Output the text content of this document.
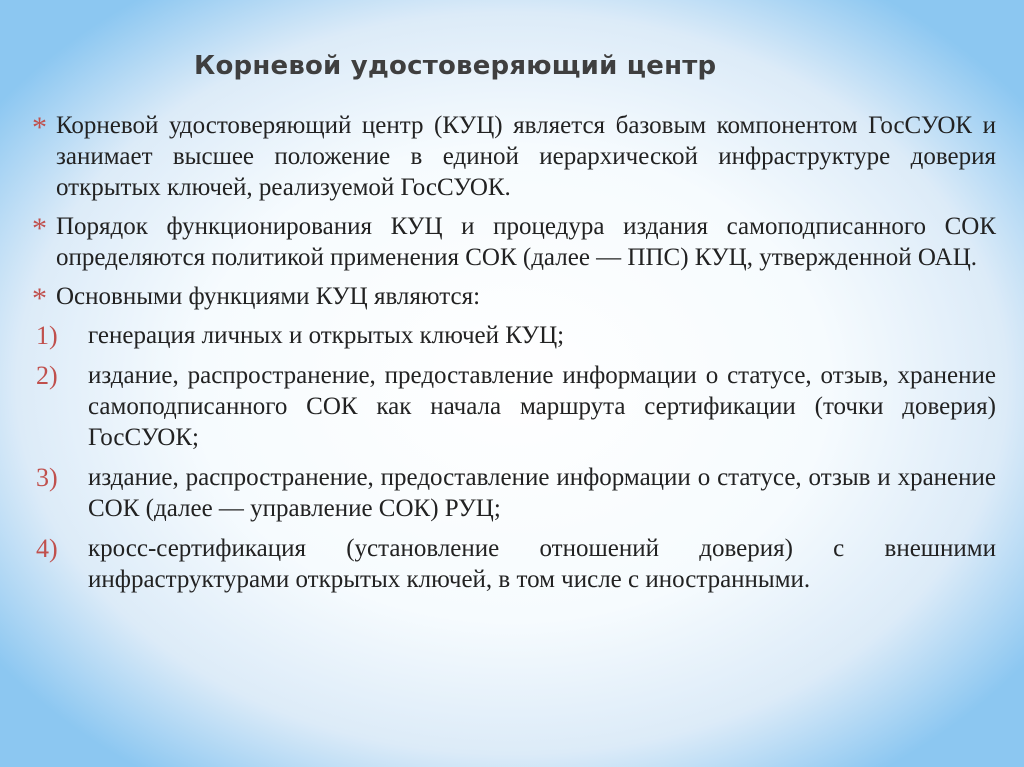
Корневой удостоверяющий центр
* Корневой удостоверяющий центр (КУЦ) является базовым компонентом ГосСУОК и занимает высшее положение в единой иерархической инфраструктуре доверия открытых ключей, реализуемой ГосСУОК.
* Порядок функционирования КУЦ и процедура издания самоподписанного СОК определяются политикой применения СОК (далее — ППС) КУЦ, утвержденной ОАЦ.
* Основными функциями КУЦ являются:
1) генерация личных и открытых ключей КУЦ;
2) издание, распространение, предоставление информации о статусе, отзыв, хранение самоподписанного СОК как начала маршрута сертификации (точки доверия) ГосСУОК;
3) издание, распространение, предоставление информации о статусе, отзыв и хранение СОК (далее — управление СОК) РУЦ;
4) кросс-сертификация (установление отношений доверия) с внешними инфраструктурами открытых ключей, в том числе с иностранными.
